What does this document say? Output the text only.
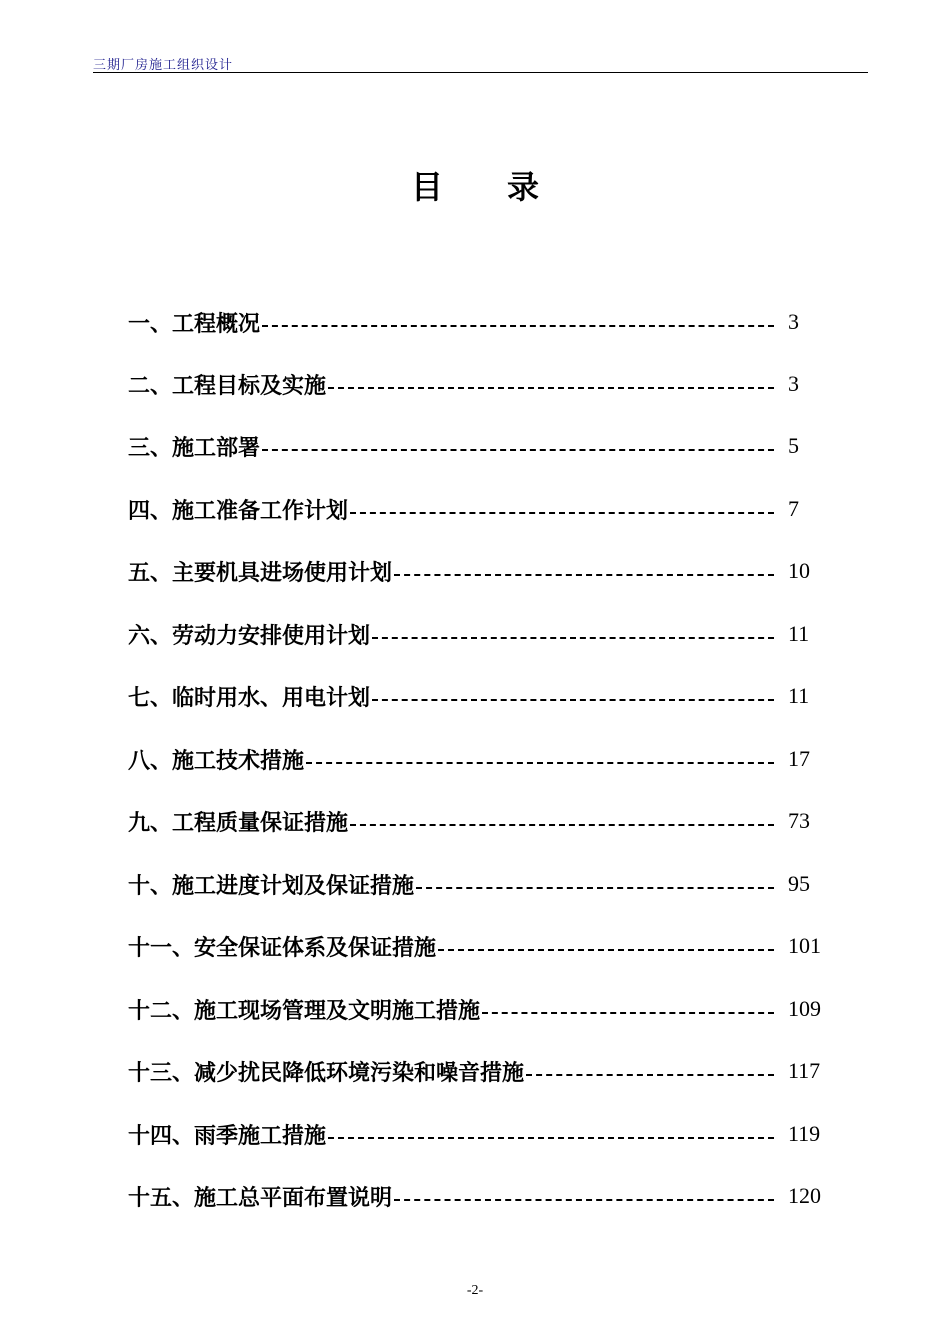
三期厂房施工组织设计
目 录
一、工程概况	3
二、工程目标及实施	3
三、施工部署	5
四、施工准备工作计划	7
五、主要机具进场使用计划	10
六、劳动力安排使用计划	11
七、临时用水、用电计划	11
八、施工技术措施	17
九、工程质量保证措施	73
十、施工进度计划及保证措施	95
十一、安全保证体系及保证措施	101
十二、施工现场管理及文明施工措施	109
十三、减少扰民降低环境污染和噪音措施	117
十四、雨季施工措施	119
十五、施工总平面布置说明	120
-2-
